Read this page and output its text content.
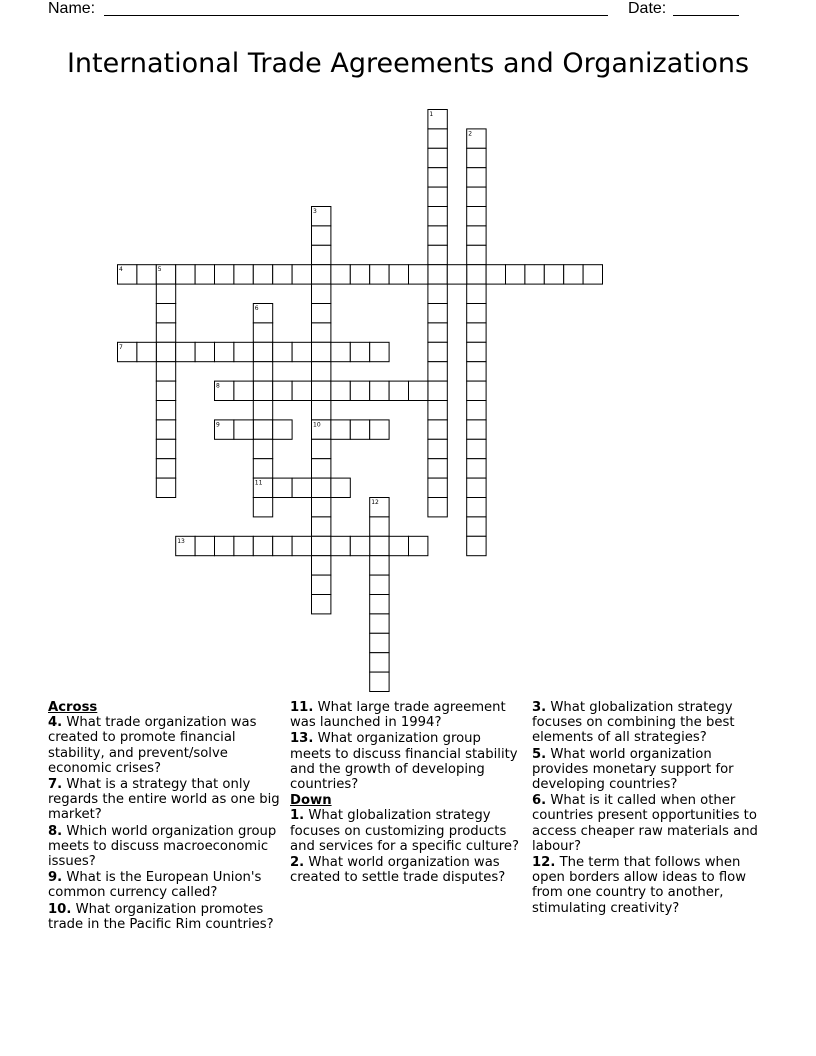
Name:	Date:
International Trade Agreements and Organizations
1
2
3
4	5
6
7
8
9	10
11
12
13
Across
4. What trade organization was created to promote financial stability, and prevent/solve economic crises?
7. What is a strategy that only regards the entire world as one big market?
8. Which world organization group meets to discuss macroeconomic issues?
9. What is the European Union's common currency called?
10. What organization promotes trade in the Pacific Rim countries?
11. What large trade agreement was launched in 1994?
13. What organization group meets to discuss financial stability and the growth of developing countries?
Down
1. What globalization strategy focuses on customizing products and services for a specific culture?
2. What world organization was created to settle trade disputes?
3. What globalization strategy focuses on combining the best elements of all strategies?
5. What world organization provides monetary support for developing countries?
6. What is it called when other countries present opportunities to access cheaper raw materials and labour?
12. The term that follows when open borders allow ideas to flow from one country to another, stimulating creativity?
